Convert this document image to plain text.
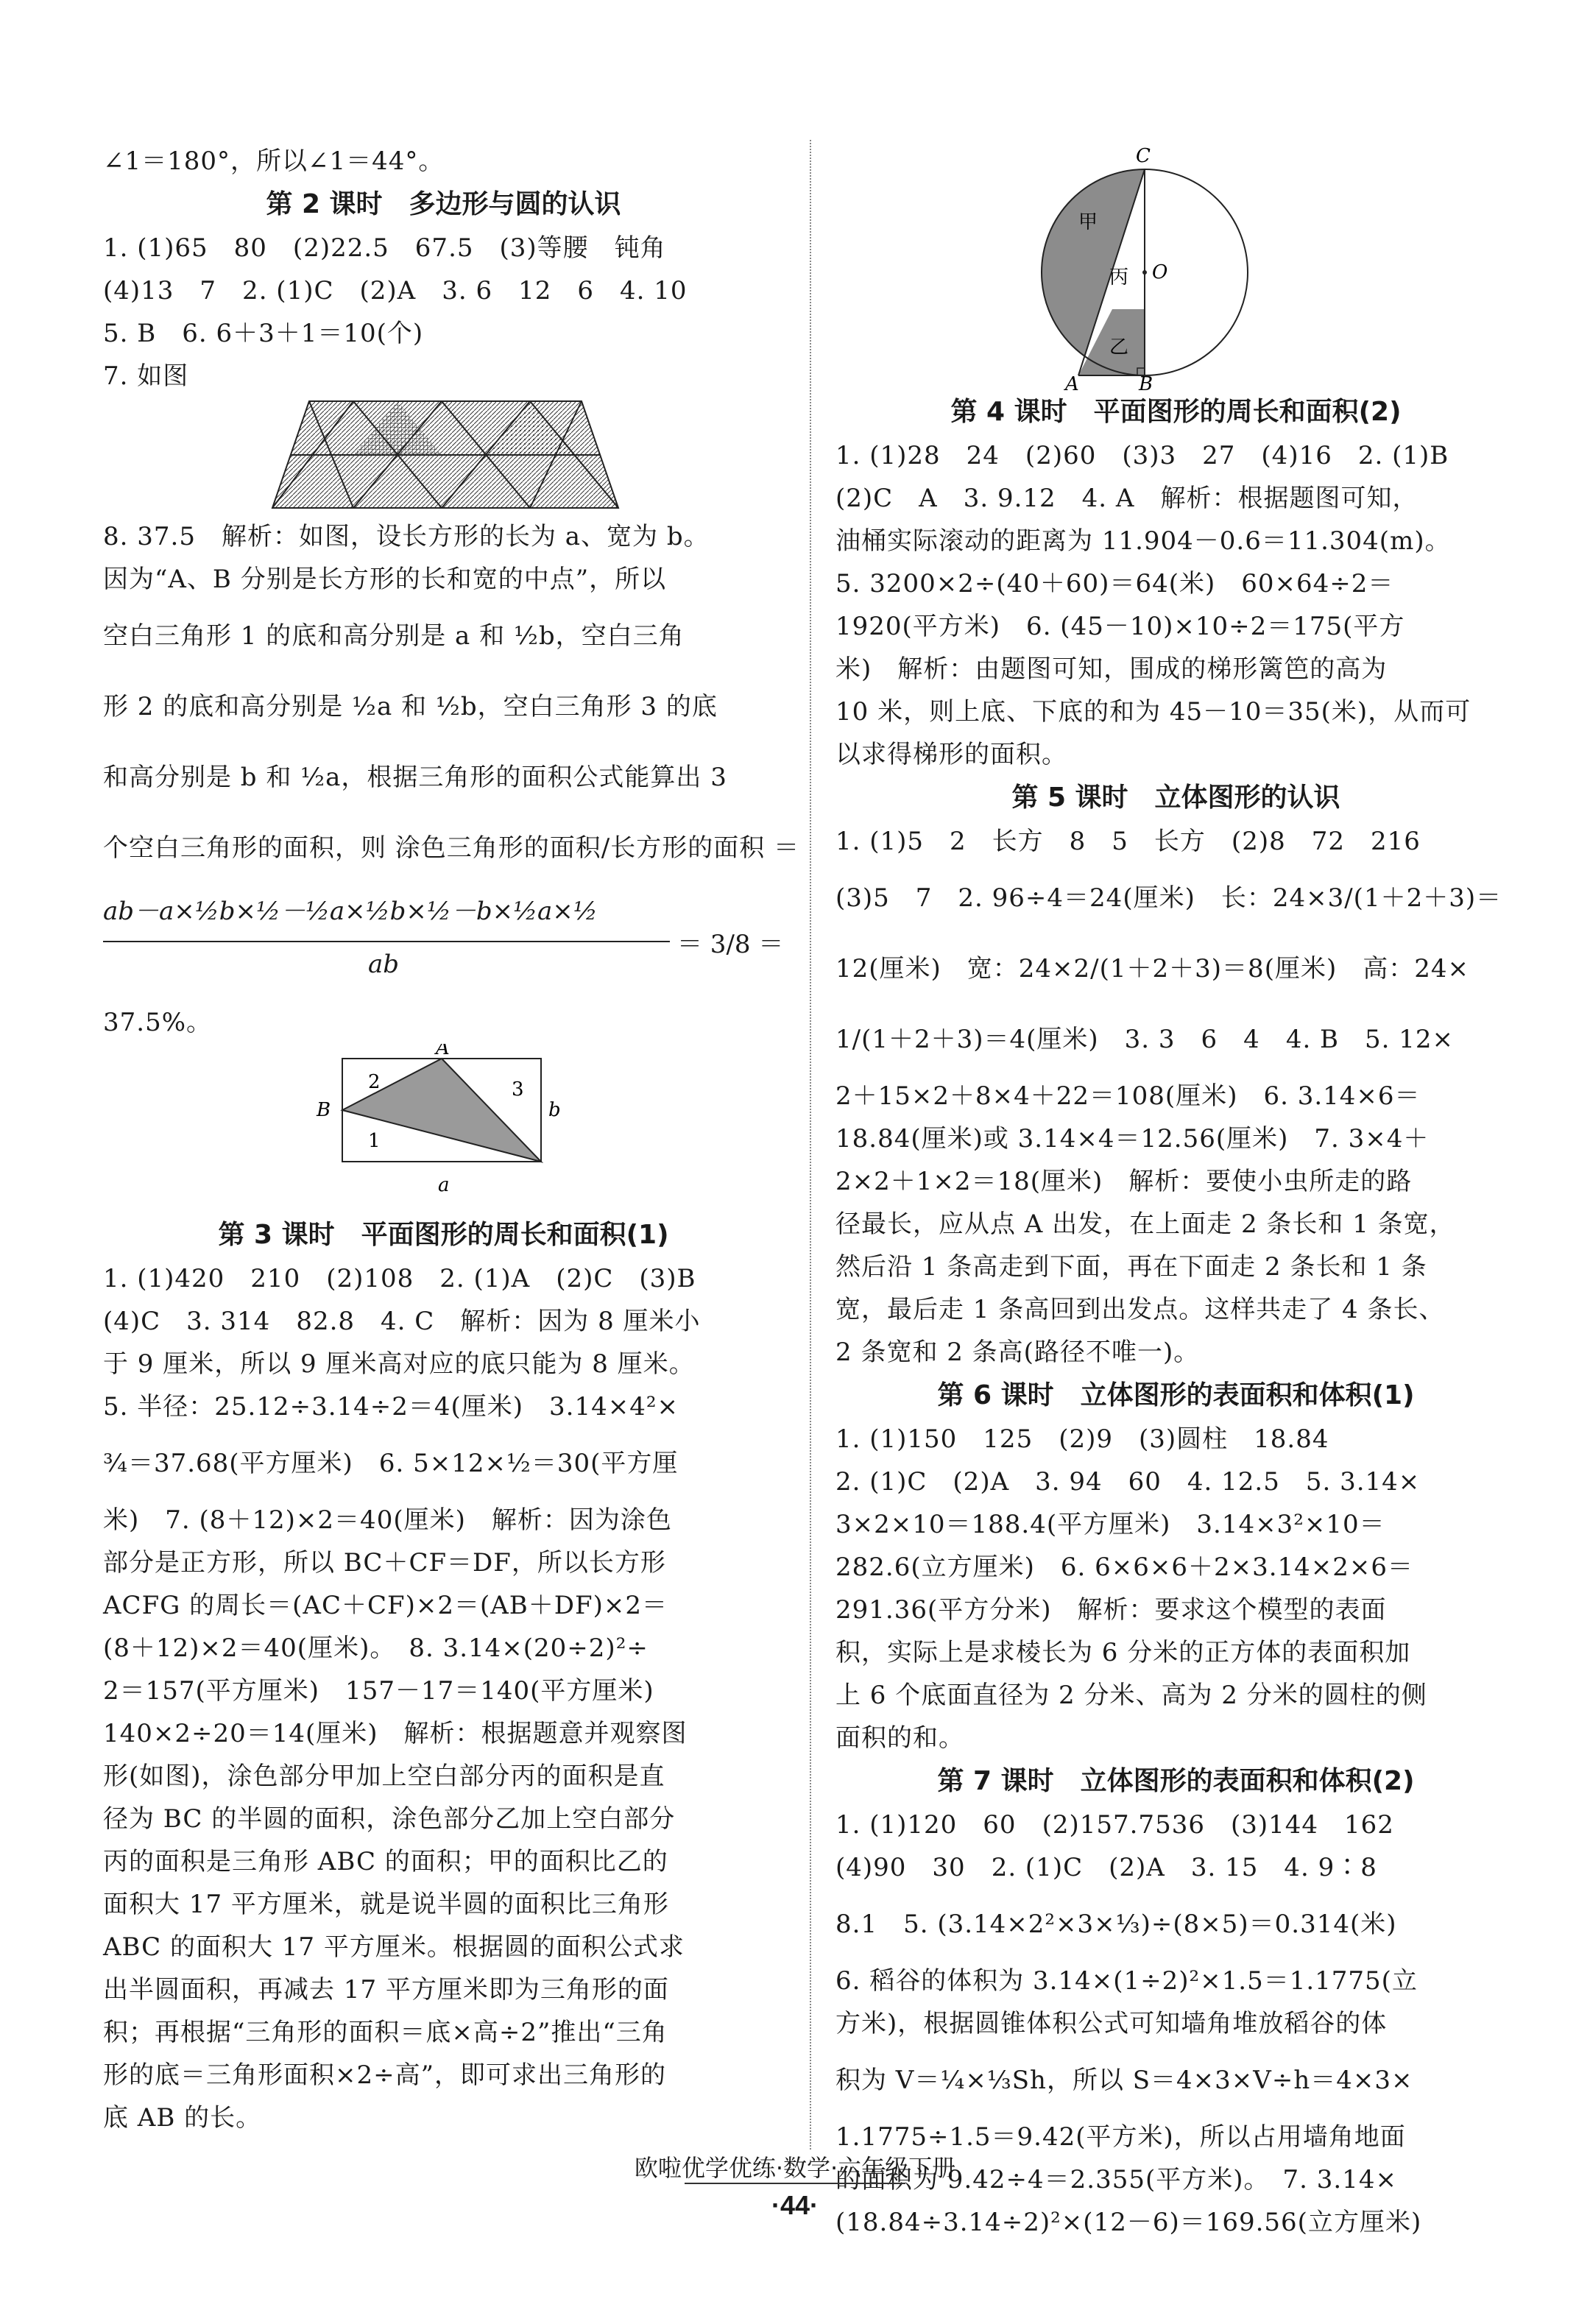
∠1＝180°，所以∠1＝44°。
第 2 课时　多边形与圆的认识
1. (1)65　80　(2)22.5　67.5　(3)等腰　钝角
(4)13　7　2. (1)C　(2)A　3. 6　12　6　4. 10
5. B　6. 6＋3＋1＝10(个)
7. 如图
8. 37.5　解析：如图，设长方形的长为 a、宽为 b。
因为“A、B 分别是长方形的长和宽的中点”，所以
空白三角形 1 的底和高分别是 a 和 ½b，空白三角
形 2 的底和高分别是 ½a 和 ½b，空白三角形 3 的底
和高分别是 b 和 ½a，根据三角形的面积公式能算出 3
个空白三角形的面积，则 涂色三角形的面积/长方形的面积 ＝
ab－a×½b×½－½a×½b×½－b×½a×½
ab
＝ 3/8 ＝
37.5%。
A
B
a
b
2	3
1
第 3 课时　平面图形的周长和面积(1)
1. (1)420　210　(2)108　2. (1)A　(2)C　(3)B
(4)C　3. 314　82.8　4. C　解析：因为 8 厘米小
于 9 厘米，所以 9 厘米高对应的底只能为 8 厘米。
5. 半径：25.12÷3.14÷2＝4(厘米)　3.14×4²×
¾＝37.68(平方厘米)　6. 5×12×½＝30(平方厘
米)　7. (8＋12)×2＝40(厘米)　解析：因为涂色
部分是正方形，所以 BC＋CF＝DF，所以长方形
ACFG 的周长＝(AC＋CF)×2＝(AB＋DF)×2＝
(8＋12)×2＝40(厘米)。　8. 3.14×(20÷2)²÷
2＝157(平方厘米)　157－17＝140(平方厘米)
140×2÷20＝14(厘米)　解析：根据题意并观察图
形(如图)，涂色部分甲加上空白部分丙的面积是直
径为 BC 的半圆的面积，涂色部分乙加上空白部分
丙的面积是三角形 ABC 的面积；甲的面积比乙的
面积大 17 平方厘米，就是说半圆的面积比三角形
ABC 的面积大 17 平方厘米。根据圆的面积公式求
出半圆面积，再减去 17 平方厘米即为三角形的面
积；再根据“三角形的面积＝底×高÷2”推出“三角
形的底＝三角形面积×2÷高”，即可求出三角形的
底 AB 的长。
C
O
A	B
甲
丙
乙
第 4 课时　平面图形的周长和面积(2)
1. (1)28　24　(2)60　(3)3　27　(4)16　2. (1)B
(2)C　A　3. 9.12　4. A　解析：根据题图可知，
油桶实际滚动的距离为 11.904－0.6＝11.304(m)。
5. 3200×2÷(40＋60)＝64(米)　60×64÷2＝
1920(平方米)　6. (45－10)×10÷2＝175(平方
米)　解析：由题图可知，围成的梯形篱笆的高为
10 米，则上底、下底的和为 45－10＝35(米)，从而可
以求得梯形的面积。
第 5 课时　立体图形的认识
1. (1)5　2　长方　8　5　长方　(2)8　72　216
(3)5　7　2. 96÷4＝24(厘米)　长：24×3/(1＋2＋3)＝
12(厘米)　宽：24×2/(1＋2＋3)＝8(厘米)　高：24×
1/(1＋2＋3)＝4(厘米)　3. 3　6　4　4. B　5. 12×
2＋15×2＋8×4＋22＝108(厘米)　6. 3.14×6＝
18.84(厘米)或 3.14×4＝12.56(厘米)　7. 3×4＋
2×2＋1×2＝18(厘米)　解析：要使小虫所走的路
径最长，应从点 A 出发，在上面走 2 条长和 1 条宽，
然后沿 1 条高走到下面，再在下面走 2 条长和 1 条
宽，最后走 1 条高回到出发点。这样共走了 4 条长、
2 条宽和 2 条高(路径不唯一)。
第 6 课时　立体图形的表面积和体积(1)
1. (1)150　125　(2)9　(3)圆柱　18.84
2. (1)C　(2)A　3. 94　60　4. 12.5　5. 3.14×
3×2×10＝188.4(平方厘米)　3.14×3²×10＝
282.6(立方厘米)　6. 6×6×6＋2×3.14×2×6＝
291.36(平方分米)　解析：要求这个模型的表面
积，实际上是求棱长为 6 分米的正方体的表面积加
上 6 个底面直径为 2 分米、高为 2 分米的圆柱的侧
面积的和。
第 7 课时　立体图形的表面积和体积(2)
1. (1)120　60　(2)157.7536　(3)144　162
(4)90　30　2. (1)C　(2)A　3. 15　4. 9∶8
8.1　5. (3.14×2²×3×⅓)÷(8×5)＝0.314(米)
6. 稻谷的体积为 3.14×(1÷2)²×1.5＝1.1775(立
方米)，根据圆锥体积公式可知墙角堆放稻谷的体
积为 V＝¼×⅓Sh，所以 S＝4×3×V÷h＝4×3×
1.1775÷1.5＝9.42(平方米)，所以占用墙角地面
的面积为 9.42÷4＝2.355(平方米)。　7. 3.14×
(18.84÷3.14÷2)²×(12－6)＝169.56(立方厘米)
欧啦优学优练·数学·六年级下册
·44·
